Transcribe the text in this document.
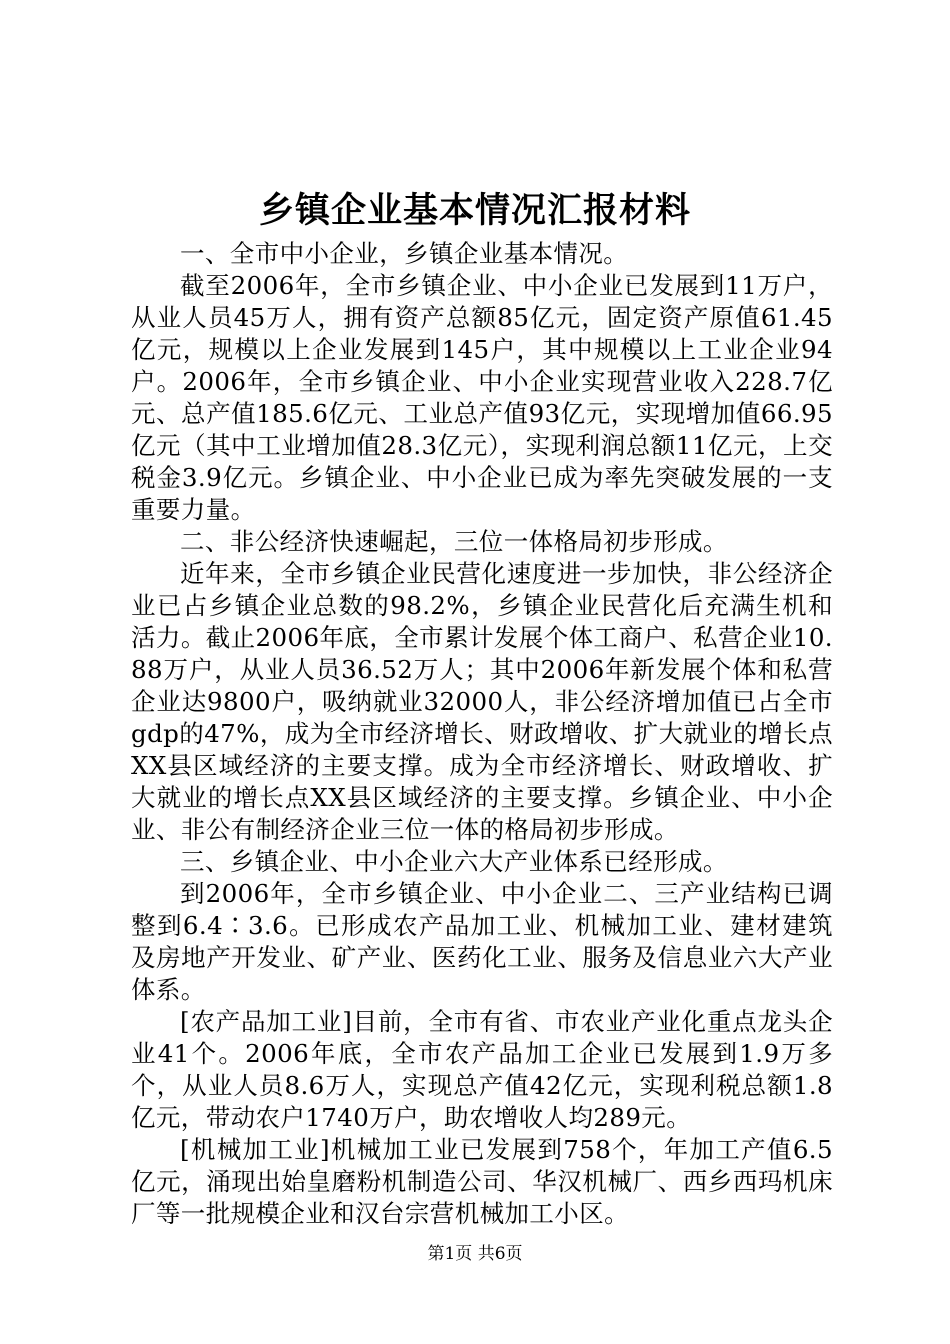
乡镇企业基本情况汇报材料

一、全市中小企业，乡镇企业基本情况。

截至2006年，全市乡镇企业、中小企业已发展到11万户，从业人员45万人，拥有资产总额85亿元，固定资产原值61.45亿元，规模以上企业发展到145户，其中规模以上工业企业94户。2006年，全市乡镇企业、中小企业实现营业收入228.7亿元、总产值185.6亿元、工业总产值93亿元，实现增加值66.95亿元（其中工业增加值28.3亿元），实现利润总额11亿元，上交税金3.9亿元。乡镇企业、中小企业已成为率先突破发展的一支重要力量。

二、非公经济快速崛起，三位一体格局初步形成。

近年来，全市乡镇企业民营化速度进一步加快，非公经济企业已占乡镇企业总数的98.2%，乡镇企业民营化后充满生机和活力。截止2006年底，全市累计发展个体工商户、私营企业10.88万户，从业人员36.52万人；其中2006年新发展个体和私营企业达9800户，吸纳就业32000人，非公经济增加值已占全市gdp的47%，成为全市经济增长、财政增收、扩大就业的增长点XX县区域经济的主要支撑。成为全市经济增长、财政增收、扩大就业的增长点XX县区域经济的主要支撑。乡镇企业、中小企业、非公有制经济企业三位一体的格局初步形成。

三、乡镇企业、中小企业六大产业体系已经形成。

到2006年，全市乡镇企业、中小企业二、三产业结构已调整到6.4∶3.6。已形成农产品加工业、机械加工业、建材建筑及房地产开发业、矿产业、医药化工业、服务及信息业六大产业体系。

[农产品加工业]目前，全市有省、市农业产业化重点龙头企业41个。2006年底，全市农产品加工企业已发展到1.9万多个，从业人员8.6万人，实现总产值42亿元，实现利税总额1.8亿元，带动农户1740万户，助农增收人均289元。

[机械加工业]机械加工业已发展到758个，年加工产值6.5亿元，涌现出始皇磨粉机制造公司、华汉机械厂、西乡西玛机床厂等一批规模企业和汉台宗营机械加工小区。

第1页 共6页
